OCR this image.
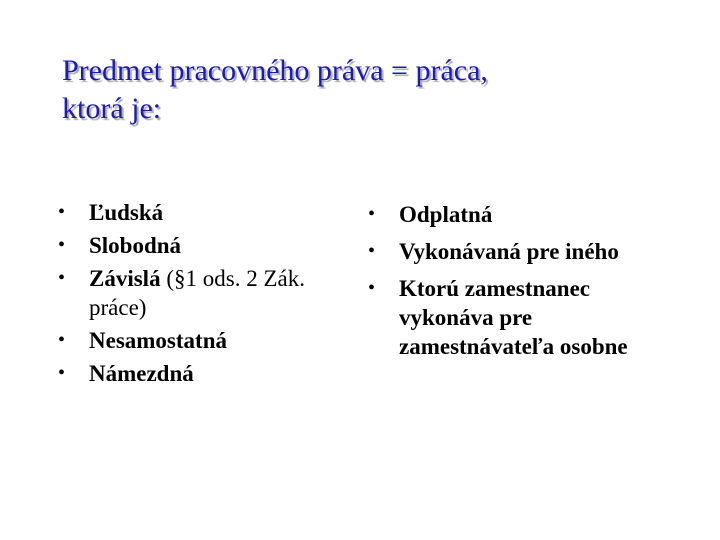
Predmet pracovného práva = práca,
ktorá je:
• Ľudská
• Slobodná
• Závislá (§1 ods. 2 Zák. práce)
• Nesamostatná
• Námezdná
• Odplatná
• Vykonávaná pre iného
• Ktorú zamestnanec vykonáva pre zamestnávateľa osobne
